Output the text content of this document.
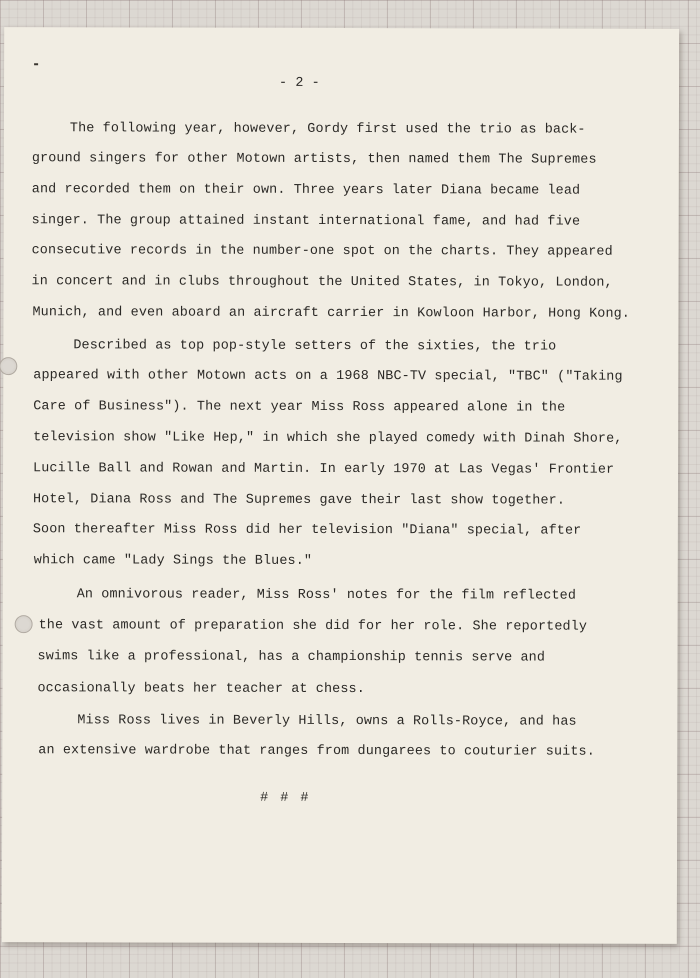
- 2 -
The following year, however, Gordy first used the trio as back-
ground singers for other Motown artists, then named them The Supremes
and recorded them on their own. Three years later Diana became lead
singer. The group attained instant international fame, and had five
consecutive records in the number-one spot on the charts. They appeared
in concert and in clubs throughout the United States, in Tokyo, London,
Munich, and even aboard an aircraft carrier in Kowloon Harbor, Hong Kong.
Described as top pop-style setters of the sixties, the trio
appeared with other Motown acts on a 1968 NBC-TV special, "TBC" ("Taking
Care of Business"). The next year Miss Ross appeared alone in the
television show "Like Hep," in which she played comedy with Dinah Shore,
Lucille Ball and Rowan and Martin. In early 1970 at Las Vegas' Frontier
Hotel, Diana Ross and The Supremes gave their last show together.
Soon thereafter Miss Ross did her television "Diana" special, after
which came "Lady Sings the Blues."
An omnivorous reader, Miss Ross' notes for the film reflected
the vast amount of preparation she did for her role. She reportedly
swims like a professional, has a championship tennis serve and
occasionally beats her teacher at chess.
Miss Ross lives in Beverly Hills, owns a Rolls-Royce, and has
an extensive wardrobe that ranges from dungarees to couturier suits.
# # #
